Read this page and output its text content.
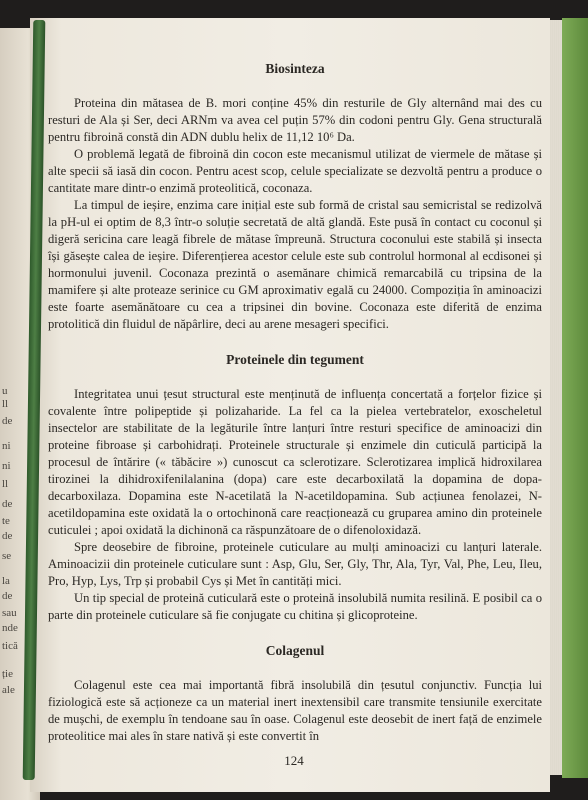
u
ll
de
ni
ni
ll
de
te
de
se
la
de
sau
nde
tică
ție
ale
Biosinteza

Proteina din mătasea de B. mori conține 45% din resturile de Gly alternând mai des cu resturi de Ala și Ser, deci ARNm va avea cel puțin 57% din codoni pentru Gly. Gena structurală pentru fibroină constă din ADN dublu helix de 11,12 10⁶ Da.

O problemă legată de fibroină din cocon este mecanismul utilizat de viermele de mătase și alte specii să iasă din cocon. Pentru acest scop, celule specializate se dezvoltă pentru a produce o cantitate mare dintr-o enzimă proteolitică, coconaza.

La timpul de ieșire, enzima care inițial este sub formă de cristal sau semicristal se redizolvă la pH-ul ei optim de 8,3 într-o soluție secretată de altă glandă. Este pusă în contact cu coconul și digeră sericina care leagă fibrele de mătase împreună. Structura coconului este stabilă și insecta își găsește calea de ieșire. Diferențierea acestor celule este sub controlul hormonal al ecdisonei și hormonului juvenil. Coconaza prezintă o asemănare chimică remarcabilă cu tripsina de la mamifere și alte proteaze serinice cu GM aproximativ egală cu 24000. Compoziția în aminoacizi este foarte asemănătoare cu cea a tripsinei din bovine. Coconaza este diferită de enzima protolitică din fluidul de năpârlire, deci au arene mesageri specifici.

Proteinele din tegument

Integritatea unui țesut structural este menținută de influența concertată a forțelor fizice și covalente între polipeptide și polizaharide. La fel ca la pielea vertebratelor, exoscheletul insectelor are stabilitate de la legăturile între lanțuri între resturi specifice de aminoacizi din proteine fibroase și carbohidrați. Proteinele structurale și enzimele din cuticulă participă la procesul de întărire (« tăbăcire ») cunoscut ca sclerotizare. Sclerotizarea implică hidroxilarea tirozinei la dihidroxifenilalanina (dopa) care este decarboxilată la dopamina de dopa-decarboxilaza. Dopamina este N-acetilată la N-acetildopamina. Sub acțiunea fenolazei, N-acetildopamina este oxidată la o ortochinonă care reacționează cu gruparea amino din proteinele cuticulei ; apoi oxidată la dichinonă ca răspunzătoare de o difenoloxidază.

Spre deosebire de fibroine, proteinele cuticulare au mulți aminoacizi cu lanțuri laterale. Aminoacizii din proteinele cuticulare sunt : Asp, Glu, Ser, Gly, Thr, Ala, Tyr, Val, Phe, Leu, Ileu, Pro, Hyp, Lys, Trp și probabil Cys și Met în cantități mici.

Un tip special de proteină cuticulară este o proteină insolubilă numita resilină. E posibil ca o parte din proteinele cuticulare să fie conjugate cu chitina și glicoproteine.

Colagenul

Colagenul este cea mai importantă fibră insolubilă din țesutul conjunctiv. Funcția lui fiziologică este să acționeze ca un material inert inextensibil care transmite tensiunile exercitate de mușchi, de exemplu în tendoane sau în oase. Colagenul este deosebit de inert față de enzimele proteolitice mai ales în stare nativă și este convertit în

124
